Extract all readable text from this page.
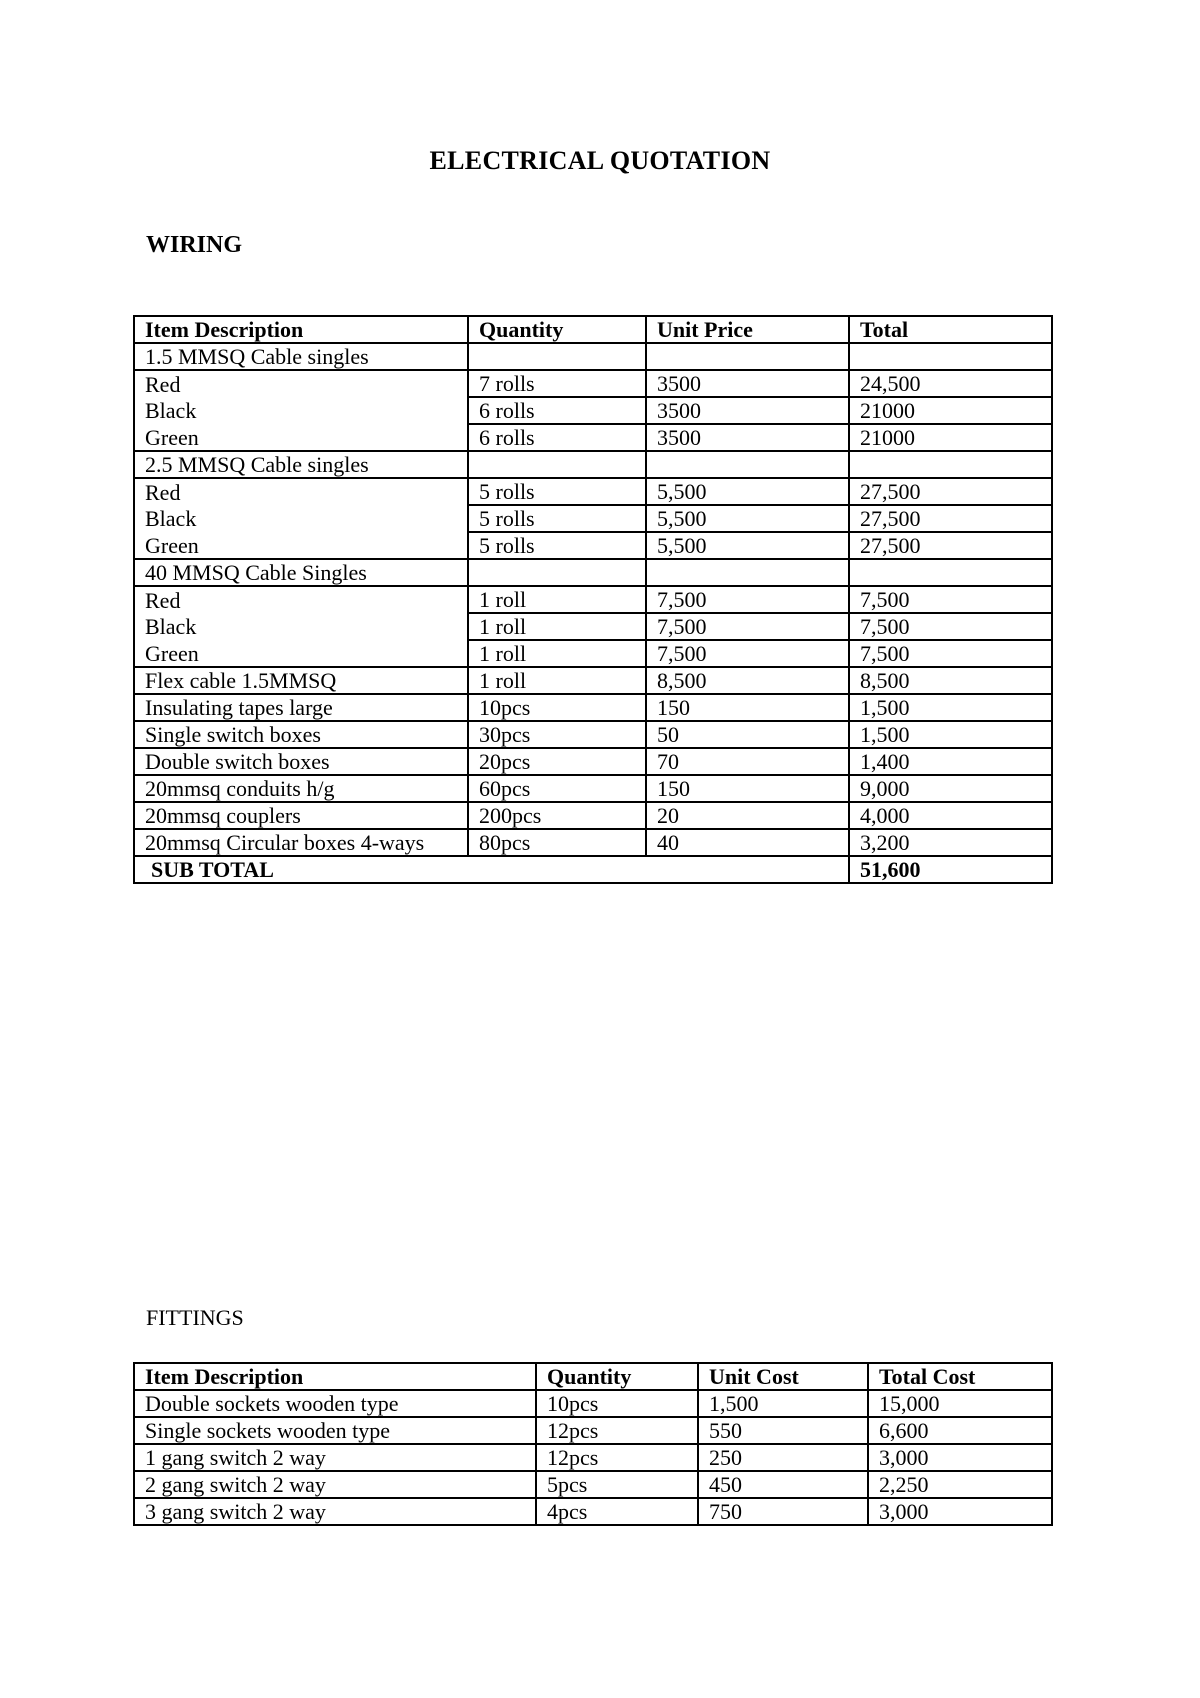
ELECTRICAL QUOTATION
WIRING
Item Description	Quantity	Unit Price	Total
1.5 MMSQ Cable singles			
Red	7 rolls	3500	24,500
Black	6 rolls	3500	21000
Green	6 rolls	3500	21000
2.5 MMSQ Cable singles			
Red	5 rolls	5,500	27,500
Black	5 rolls	5,500	27,500
Green	5 rolls	5,500	27,500
40 MMSQ Cable Singles			
Red	1 roll	7,500	7,500
Black	1 roll	7,500	7,500
Green	1 roll	7,500	7,500
Flex cable 1.5MMSQ	1 roll	8,500	8,500
Insulating tapes large	10pcs	150	1,500
Single switch boxes	30pcs	50	1,500
Double switch boxes	20pcs	70	1,400
20mmsq conduits h/g	60pcs	150	9,000
20mmsq couplers	200pcs	20	4,000
20mmsq Circular boxes 4-ways	80pcs	40	3,200
SUB TOTAL			51,600
FITTINGS
Item Description	Quantity	Unit Cost	Total Cost
Double sockets wooden type	10pcs	1,500	15,000
Single sockets wooden type	12pcs	550	6,600
1 gang switch 2 way	12pcs	250	3,000
2 gang switch 2 way	5pcs	450	2,250
3 gang switch 2 way	4pcs	750	3,000
